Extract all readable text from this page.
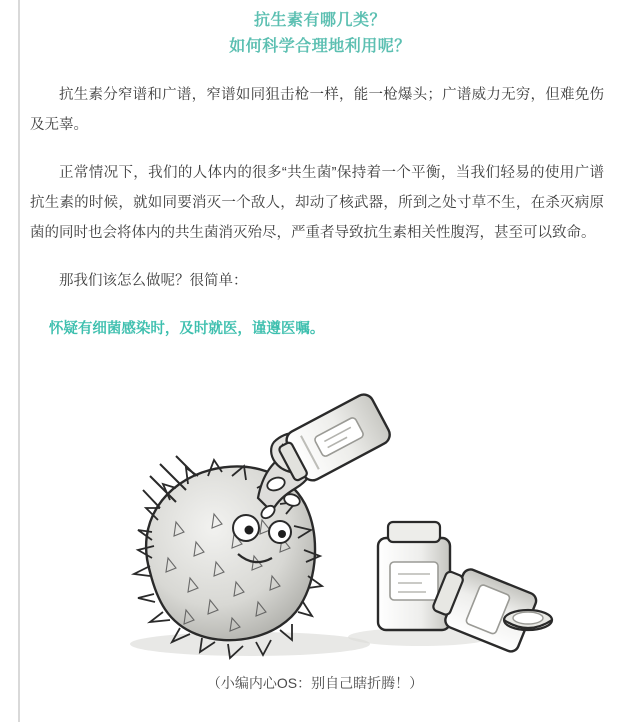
抗生素有哪几类？
如何科学合理地利用呢？

抗生素分窄谱和广谱，窄谱如同狙击枪一样，能一枪爆头；广谱威力无穷，但难免伤及无辜。

正常情况下，我们的人体内的很多“共生菌”保持着一个平衡，当我们轻易的使用广谱抗生素的时候，就如同要消灭一个敌人，却动了核武器，所到之处寸草不生，在杀灭病原菌的同时也会将体内的共生菌消灭殆尽，严重者导致抗生素相关性腹泻，甚至可以致命。

那我们该怎么做呢？很简单：

怀疑有细菌感染时，及时就医，谨遵医嘱。

（小编内心OS：别自己瞎折腾！）
